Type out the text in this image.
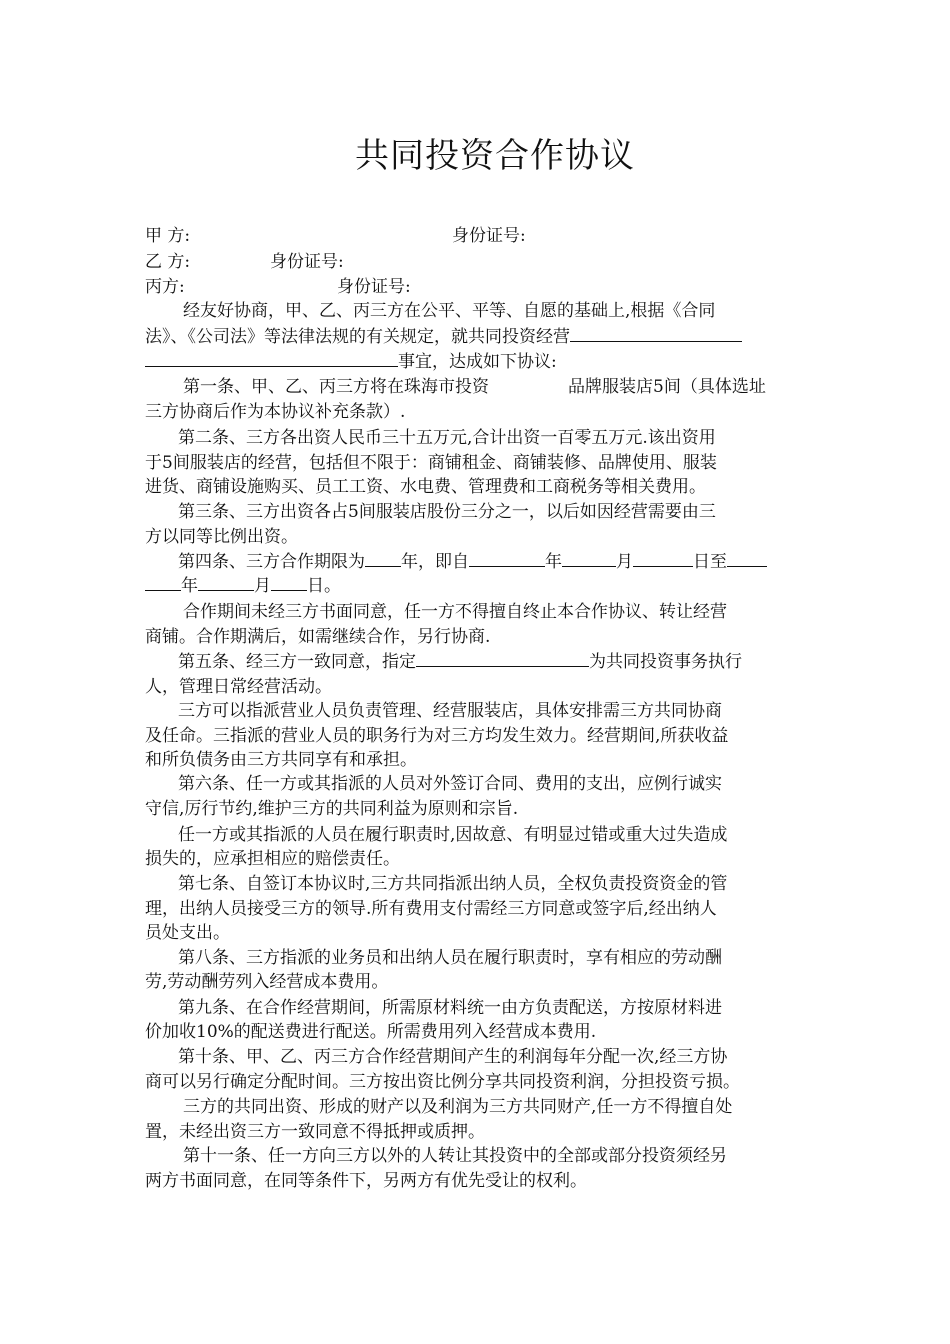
共同投资合作协议
甲 方:	身份证号:
乙 方:	身份证号:
丙方:	身份证号:
经友好协商，甲、乙、丙三方在公平、平等、自愿的基础上,根据《合同
法》、《公司法》等法律法规的有关规定，就共同投资经营
事宜，达成如下协议:
第一条、甲、乙、丙三方将在珠海市投资	品牌服装店5间（具体选址
三方协商后作为本协议补充条款）.
第二条、三方各出资人民币三十五万元,合计出资一百零五万元.该出资用
于5间服装店的经营，包括但不限于：商铺租金、商铺装修、品牌使用、服装
进货、商铺设施购买、员工工资、水电费、管理费和工商税务等相关费用。
第三条、三方出资各占5间服装店股份三分之一，以后如因经营需要由三
方以同等比例出资。
第四条、三方合作期限为 年，即自	年	月	日至
年	月 日。
合作期间未经三方书面同意，任一方不得擅自终止本合作协议、转让经营
商铺。合作期满后，如需继续合作，另行协商.
第五条、经三方一致同意，指定	为共同投资事务执行
人，管理日常经营活动。
三方可以指派营业人员负责管理、经营服装店，具体安排需三方共同协商
及任命。三指派的营业人员的职务行为对三方均发生效力。经营期间,所获收益
和所负债务由三方共同享有和承担。
第六条、任一方或其指派的人员对外签订合同、费用的支出，应例行诚实
守信,厉行节约,维护三方的共同利益为原则和宗旨.
任一方或其指派的人员在履行职责时,因故意、有明显过错或重大过失造成
损失的，应承担相应的赔偿责任。
第七条、自签订本协议时,三方共同指派出纳人员，全权负责投资资金的管
理，出纳人员接受三方的领导.所有费用支付需经三方同意或签字后,经出纳人
员处支出。
第八条、三方指派的业务员和出纳人员在履行职责时，享有相应的劳动酬
劳,劳动酬劳列入经营成本费用。
第九条、在合作经营期间，所需原材料统一由方负责配送，方按原材料进
价加收10%的配送费进行配送。所需费用列入经营成本费用.
第十条、甲、乙、丙三方合作经营期间产生的利润每年分配一次,经三方协
商可以另行确定分配时间。三方按出资比例分享共同投资利润，分担投资亏损。
三方的共同出资、形成的财产以及利润为三方共同财产,任一方不得擅自处
置，未经出资三方一致同意不得抵押或质押。
第十一条、任一方向三方以外的人转让其投资中的全部或部分投资须经另
两方书面同意，在同等条件下，另两方有优先受让的权利。
